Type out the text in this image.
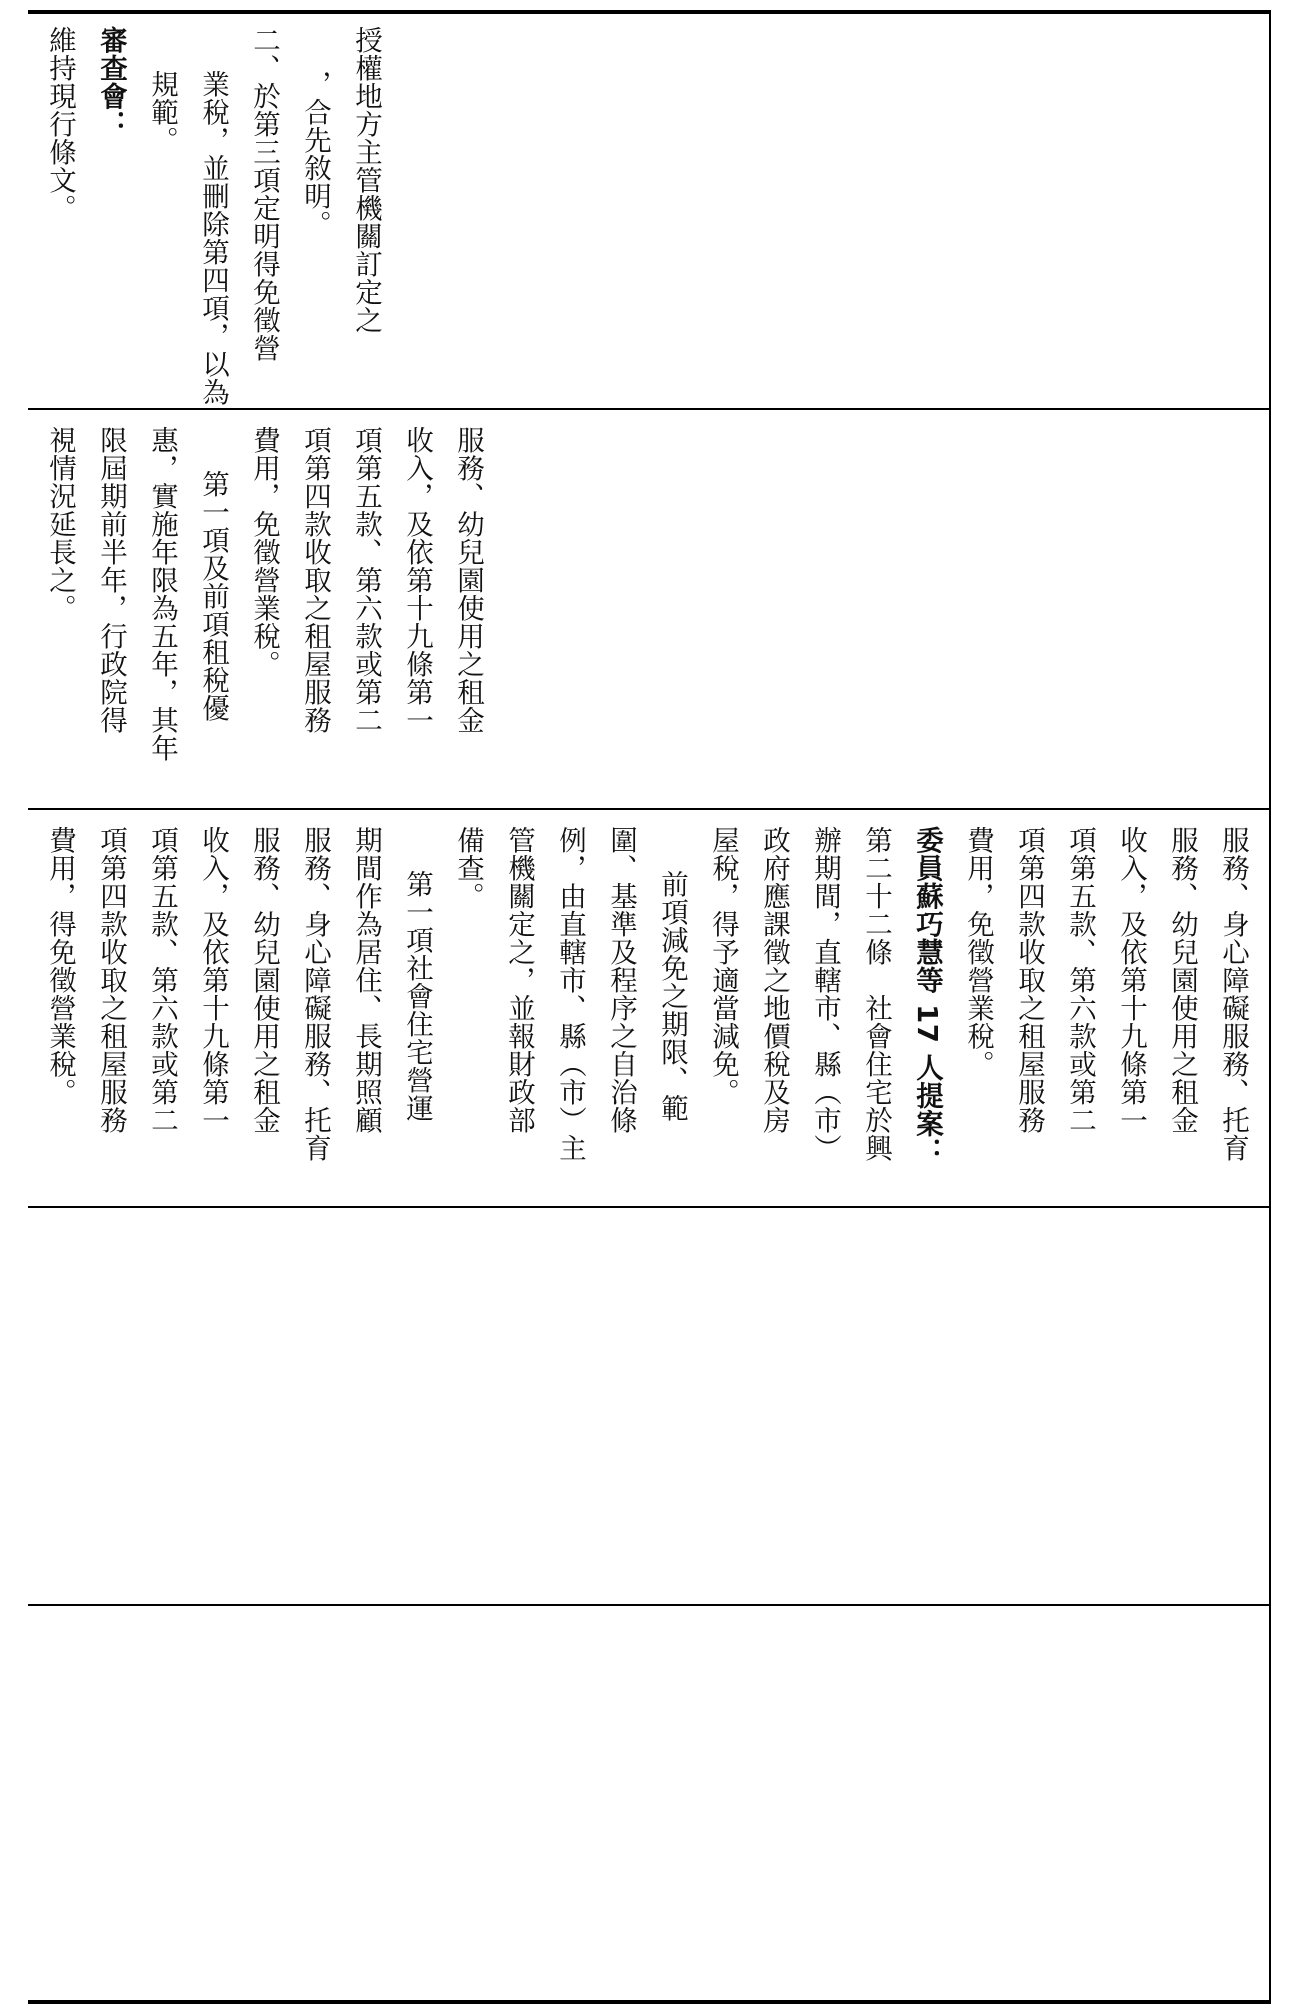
授權地方主管機關訂定之

，合先敘明。

二、於第三項定明得免徵營

業稅，並刪除第四項，以為

規範。

審查會：

維持現行條文。

服務、幼兒園使用之租金

收入，及依第十九條第一

項第五款、第六款或第二

項第四款收取之租屋服務

費用，免徵營業稅。

第一項及前項租稅優

惠，實施年限為五年，其年

限屆期前半年，行政院得

視情況延長之。

服務、身心障礙服務、托育

服務、幼兒園使用之租金

收入，及依第十九條第一

項第五款、第六款或第二

項第四款收取之租屋服務

費用，免徵營業稅。

委員蘇巧慧等 17 人提案：

第二十二條　社會住宅於興

辦期間，直轄市、縣（市）

政府應課徵之地價稅及房

屋稅，得予適當減免。

前項減免之期限、範

圍、基準及程序之自治條

例，由直轄市、縣（市）主

管機關定之，並報財政部

備查。

第一項社會住宅營運

期間作為居住、長期照顧

服務、身心障礙服務、托育

服務、幼兒園使用之租金

收入，及依第十九條第一

項第五款、第六款或第二

項第四款收取之租屋服務

費用，得免徵營業稅。
